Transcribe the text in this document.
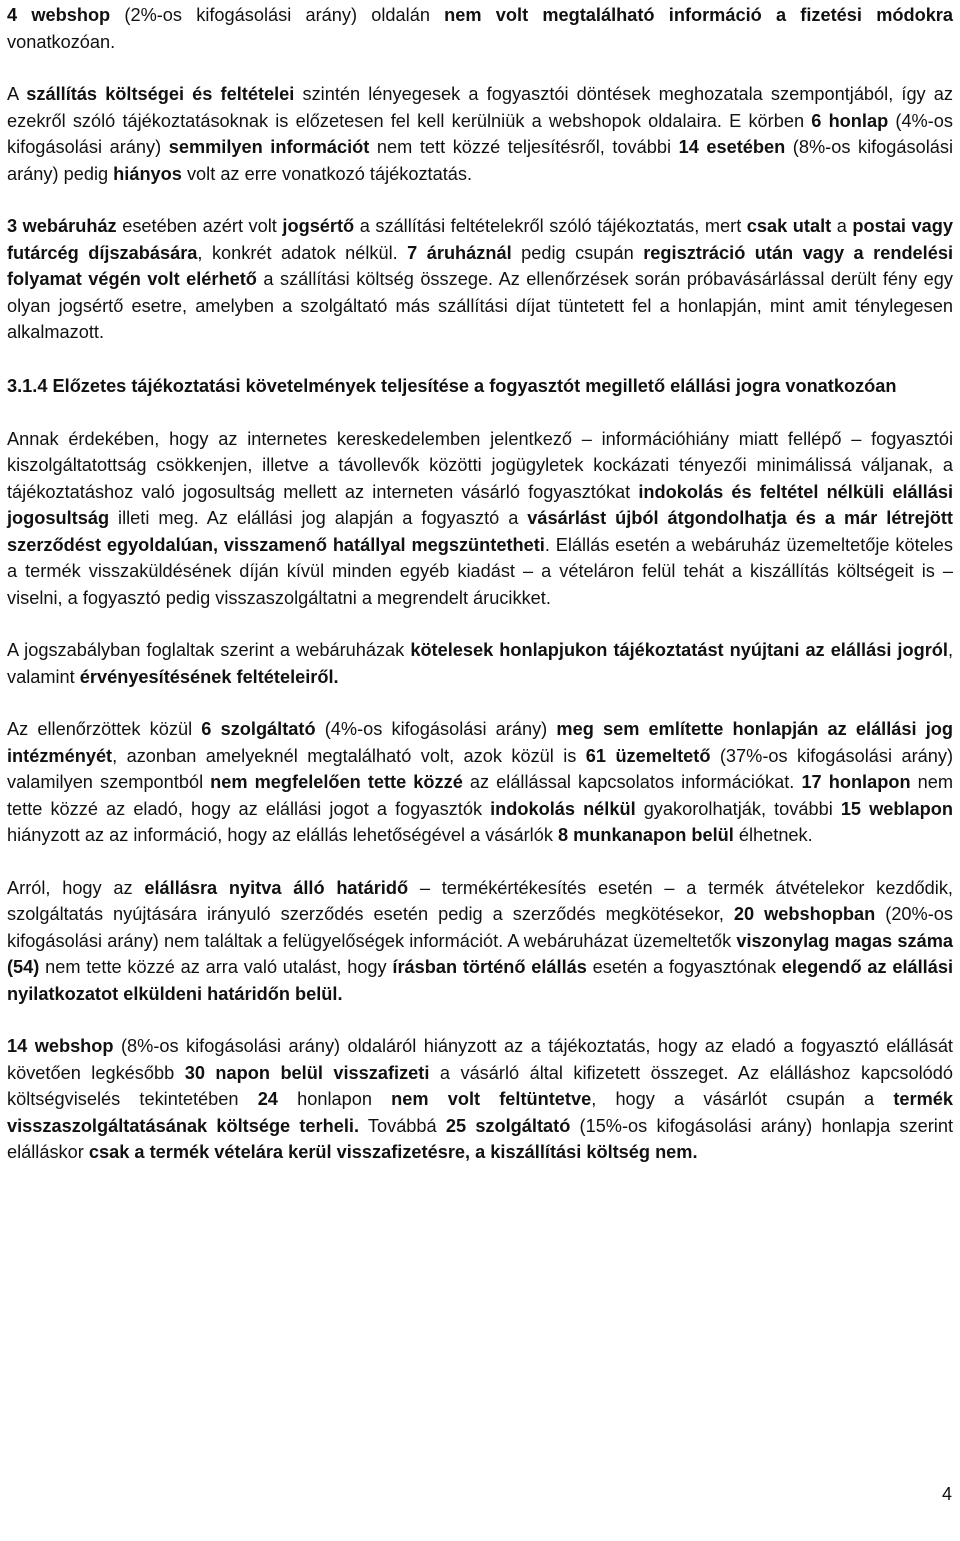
4 webshop (2%-os kifogásolási arány) oldalán nem volt megtalálható információ a fizetési módokra vonatkozóan.

A szállítás költségei és feltételei szintén lényegesek a fogyasztói döntések meghozatala szempontjából, így az ezekről szóló tájékoztatásoknak is előzetesen fel kell kerülniük a webshopok oldalaira. E körben 6 honlap (4%-os kifogásolási arány) semmilyen információt nem tett közzé teljesítésről, további 14 esetében (8%-os kifogásolási arány) pedig hiányos volt az erre vonatkozó tájékoztatás.

3 webáruház esetében azért volt jogsértő a szállítási feltételekről szóló tájékoztatás, mert csak utalt a postai vagy futárcég díjszabására, konkrét adatok nélkül. 7 áruháznál pedig csupán regisztráció után vagy a rendelési folyamat végén volt elérhető a szállítási költség összege. Az ellenőrzések során próbavásárlással derült fény egy olyan jogsértő esetre, amelyben a szolgáltató más szállítási díjat tüntetett fel a honlapján, mint amit ténylegesen alkalmazott.

3.1.4 Előzetes tájékoztatási követelmények teljesítése a fogyasztót megillető elállási jogra vonatkozóan

Annak érdekében, hogy az internetes kereskedelemben jelentkező – információhiány miatt fellépő – fogyasztói kiszolgáltatottság csökkenjen, illetve a távollevők közötti jogügyletek kockázati tényezői minimálissá váljanak, a tájékoztatáshoz való jogosultság mellett az interneten vásárló fogyasztókat indokolás és feltétel nélküli elállási jogosultság illeti meg. Az elállási jog alapján a fogyasztó a vásárlást újból átgondolhatja és a már létrejött szerződést egyoldalúan, visszamenő hatállyal megszüntetheti. Elállás esetén a webáruház üzemeltetője köteles a termék visszaküldésének díján kívül minden egyéb kiadást – a vételáron felül tehát a kiszállítás költségeit is – viselni, a fogyasztó pedig visszaszolgáltatni a megrendelt árucikket.

A jogszabályban foglaltak szerint a webáruházak kötelesek honlapjukon tájékoztatást nyújtani az elállási jogról, valamint érvényesítésének feltételeiről.

Az ellenőrzöttek közül 6 szolgáltató (4%-os kifogásolási arány) meg sem említette honlapján az elállási jog intézményét, azonban amelyeknél megtalálható volt, azok közül is 61 üzemeltető (37%-os kifogásolási arány) valamilyen szempontból nem megfelelően tette közzé az elállással kapcsolatos információkat. 17 honlapon nem tette közzé az eladó, hogy az elállási jogot a fogyasztók indokolás nélkül gyakorolhatják, további 15 weblapon hiányzott az az információ, hogy az elállás lehetőségével a vásárlók 8 munkanapon belül élhetnek.

Arról, hogy az elállásra nyitva álló határidő – termékértékesítés esetén – a termék átvételekor kezdődik, szolgáltatás nyújtására irányuló szerződés esetén pedig a szerződés megkötésekor, 20 webshopban (20%-os kifogásolási arány) nem találtak a felügyelőségek információt. A webáruházat üzemeltetők viszonylag magas száma (54) nem tette közzé az arra való utalást, hogy írásban történő elállás esetén a fogyasztónak elegendő az elállási nyilatkozatot elküldeni határidőn belül.

14 webshop (8%-os kifogásolási arány) oldaláról hiányzott az a tájékoztatás, hogy az eladó a fogyasztó elállását követően legkésőbb 30 napon belül visszafizeti a vásárló által kifizetett összeget. Az elálláshoz kapcsolódó költségviselés tekintetében 24 honlapon nem volt feltüntetve, hogy a vásárlót csupán a termék visszaszolgáltatásának költsége terheli. Továbbá 25 szolgáltató (15%-os kifogásolási arány) honlapja szerint elálláskor csak a termék vételára kerül visszafizetésre, a kiszállítási költség nem.

4
